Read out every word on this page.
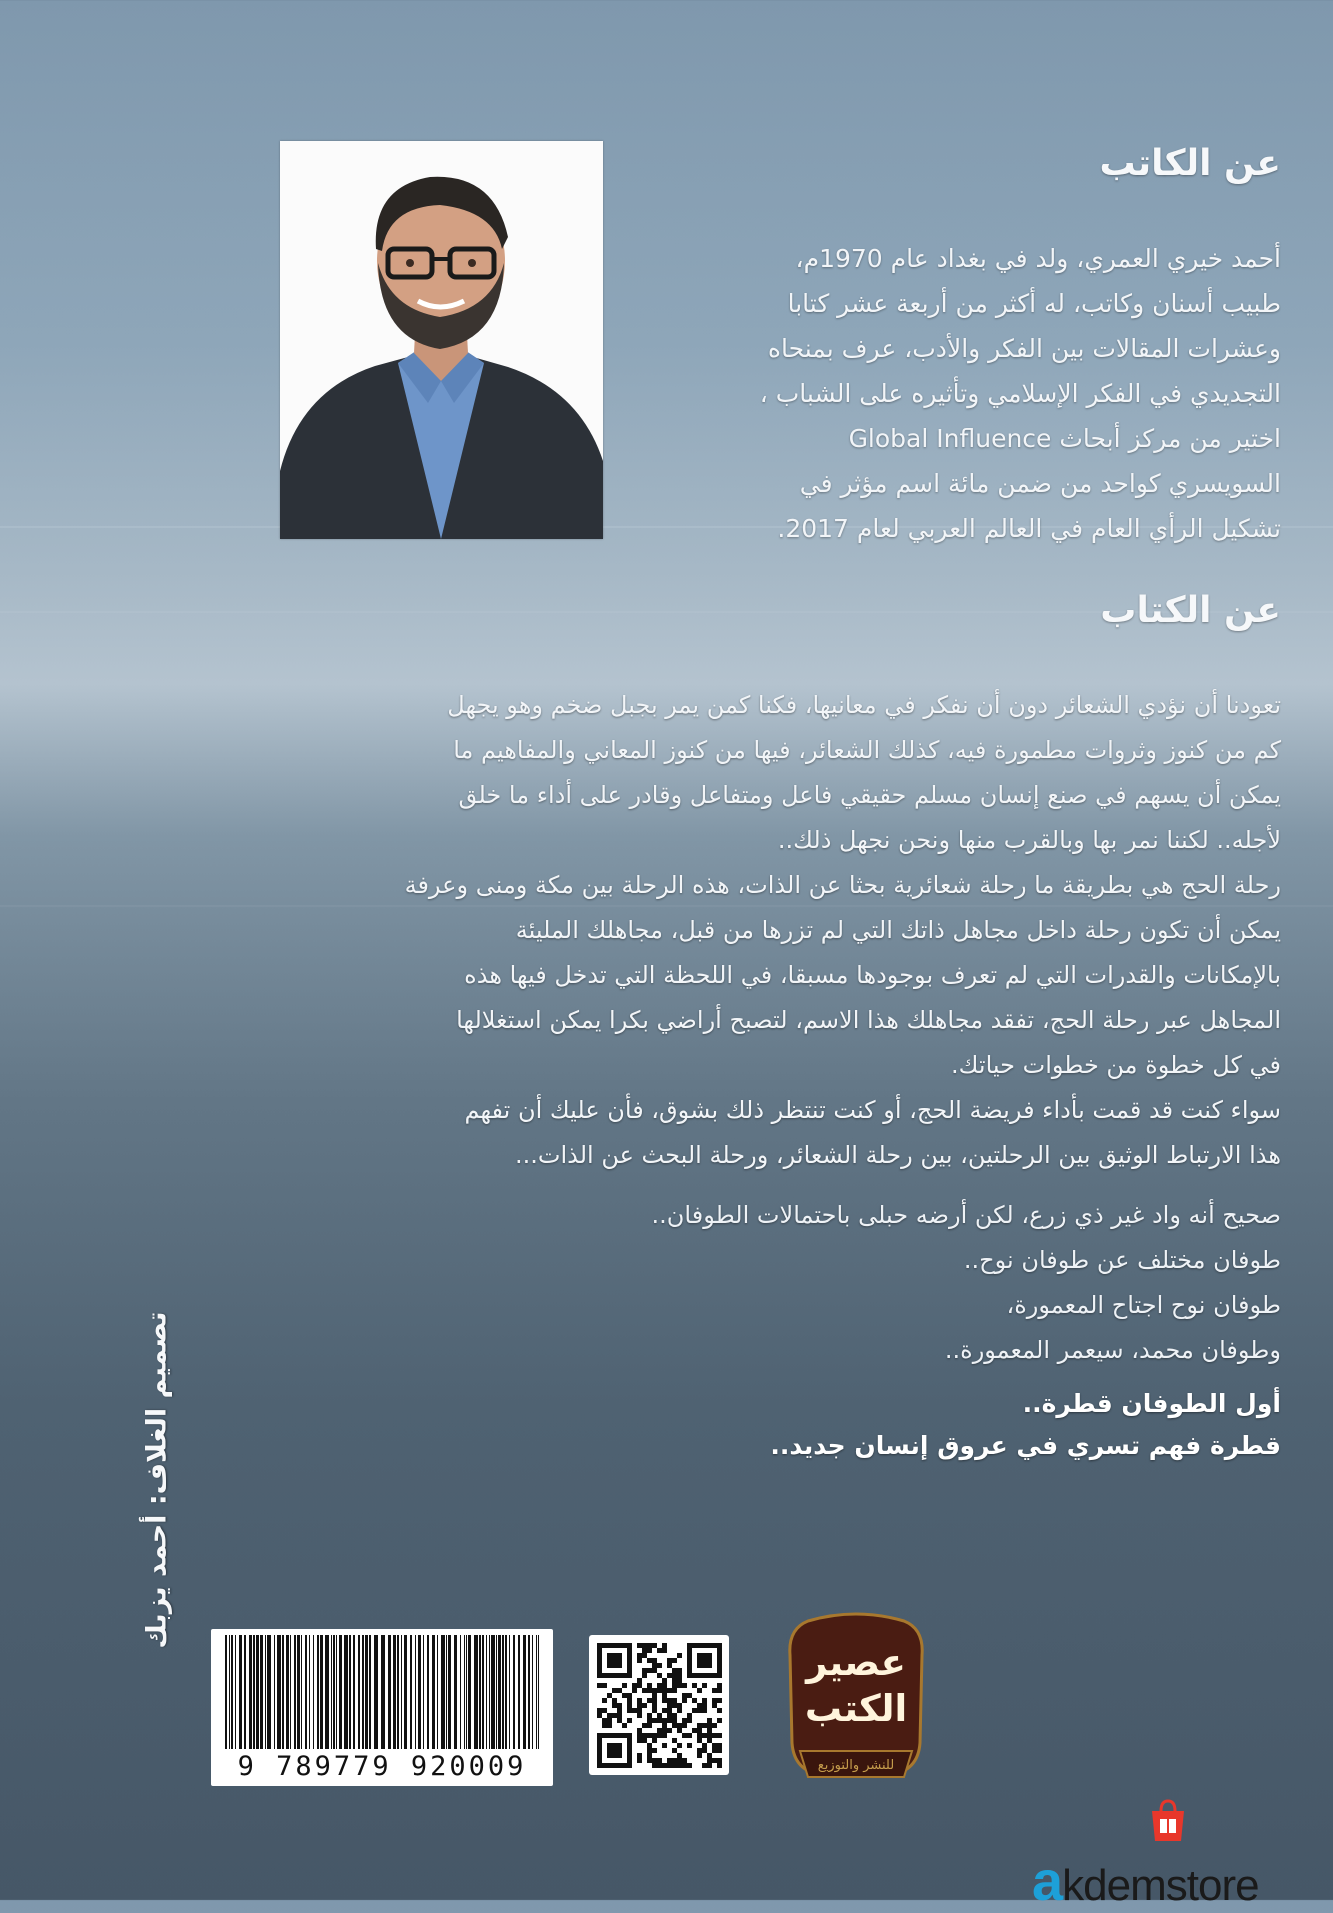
عن الكاتب
أحمد خيري العمري، ولد في بغداد عام 1970م،
طبيب أسنان وكاتب، له أكثر من أربعة عشر كتابا
وعشرات المقالات بين الفكر والأدب، عرف بمنحاه
التجديدي في الفكر الإسلامي وتأثيره على الشباب ،
اختير من مركز أبحاث Global Influence
السويسري كواحد من ضمن مائة اسم مؤثر في
تشكيل الرأي العام في العالم العربي لعام 2017.
عن الكتاب
تعودنا أن نؤدي الشعائر دون أن نفكر في معانيها، فكنا كمن يمر بجبل ضخم وهو يجهل
كم من كنوز وثروات مطمورة فيه، كذلك الشعائر، فيها من كنوز المعاني والمفاهيم ما
يمكن أن يسهم في صنع إنسان مسلم حقيقي فاعل ومتفاعل وقادر على أداء ما خلق
لأجله.. لكننا نمر بها وبالقرب منها ونحن نجهل ذلك..
رحلة الحج هي بطريقة ما رحلة شعائرية بحثا عن الذات، هذه الرحلة بين مكة ومنى وعرفة
يمكن أن تكون رحلة داخل مجاهل ذاتك التي لم تزرها من قبل، مجاهلك المليئة
بالإمكانات والقدرات التي لم تعرف بوجودها مسبقا، في اللحظة التي تدخل فيها هذه
المجاهل عبر رحلة الحج، تفقد مجاهلك هذا الاسم، لتصبح أراضي بكرا يمكن استغلالها
في كل خطوة من خطوات حياتك.
سواء كنت قد قمت بأداء فريضة الحج، أو كنت تنتظر ذلك بشوق، فأن عليك أن تفهم
هذا الارتباط الوثيق بين الرحلتين، بين رحلة الشعائر، ورحلة البحث عن الذات...
صحيح أنه واد غير ذي زرع، لكن أرضه حبلى باحتمالات الطوفان..
طوفان مختلف عن طوفان نوح..
طوفان نوح اجتاح المعمورة،
وطوفان محمد، سيعمر المعمورة..
أول الطوفان قطرة..
قطرة فهم تسري في عروق إنسان جديد..
تصميم الغلاف: أحمد يزبك
9 789779 920009
عصير
الكتب
للنشر والتوزيع
akdemstore
